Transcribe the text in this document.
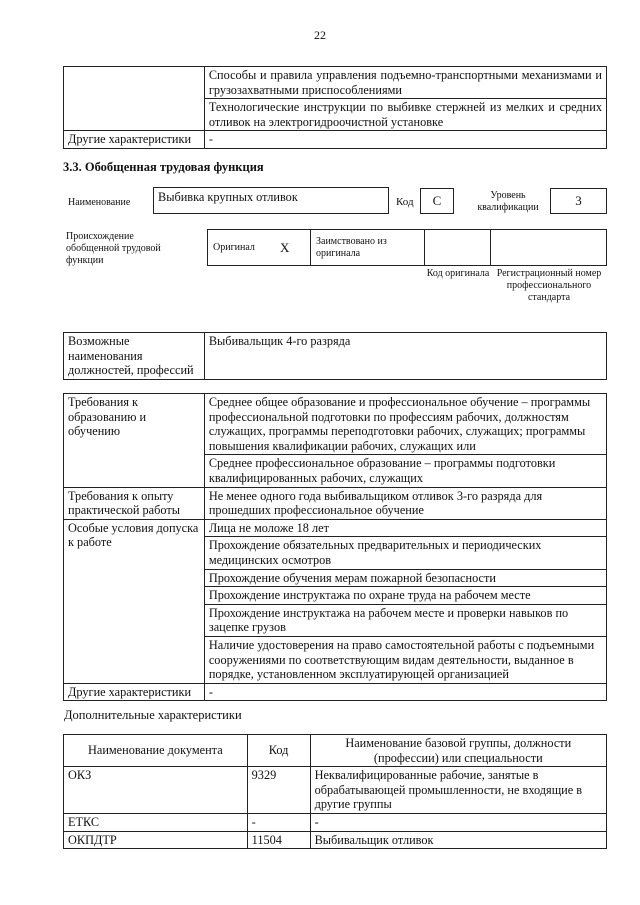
22
	Способы и правила управления подъемно-транспортными механизмами и грузозахватными приспособлениями
	Технологические инструкции по выбивке стержней из мелких и средних отливок на электрогидроочистной установке
Другие характеристики	-
3.3. Обобщенная трудовая функция
Наименование	Выбивка крупных отливок	Код	C	Уровень квалификации	3
Происхождение обобщенной трудовой функции
Оригинал X	Заимствовано из оригинала
Код оригинала Регистрационный номер профессионального стандарта
Возможные наименования должностей, профессий	Выбивальщик 4-го разряда
Требования к образованию и обучению	Среднее общее образование и профессиональное обучение – программы профессиональной подготовки по профессиям рабочих, должностям служащих, программы переподготовки рабочих, служащих; программы повышения квалификации рабочих, служащих или
	Среднее профессиональное образование – программы подготовки квалифицированных рабочих, служащих
Требования к опыту практической работы	Не менее одного года выбивальщиком отливок 3-го разряда для прошедших профессиональное обучение
Особые условия допуска к работе	Лица не моложе 18 лет
	Прохождение обязательных предварительных и периодических медицинских осмотров
	Прохождение обучения мерам пожарной безопасности
	Прохождение инструктажа по охране труда на рабочем месте
	Прохождение инструктажа на рабочем месте и проверки навыков по зацепке грузов
	Наличие удостоверения на право самостоятельной работы с подъемными сооружениями по соответствующим видам деятельности, выданное в порядке, установленном эксплуатирующей организацией
Другие характеристики	-
Дополнительные характеристики
Наименование документа	Код	Наименование базовой группы, должности (профессии) или специальности
ОКЗ	9329	Неквалифицированные рабочие, занятые в обрабатывающей промышленности, не входящие в другие группы
ЕТКС	-	-
ОКПДТР	11504	Выбивальщик отливок
